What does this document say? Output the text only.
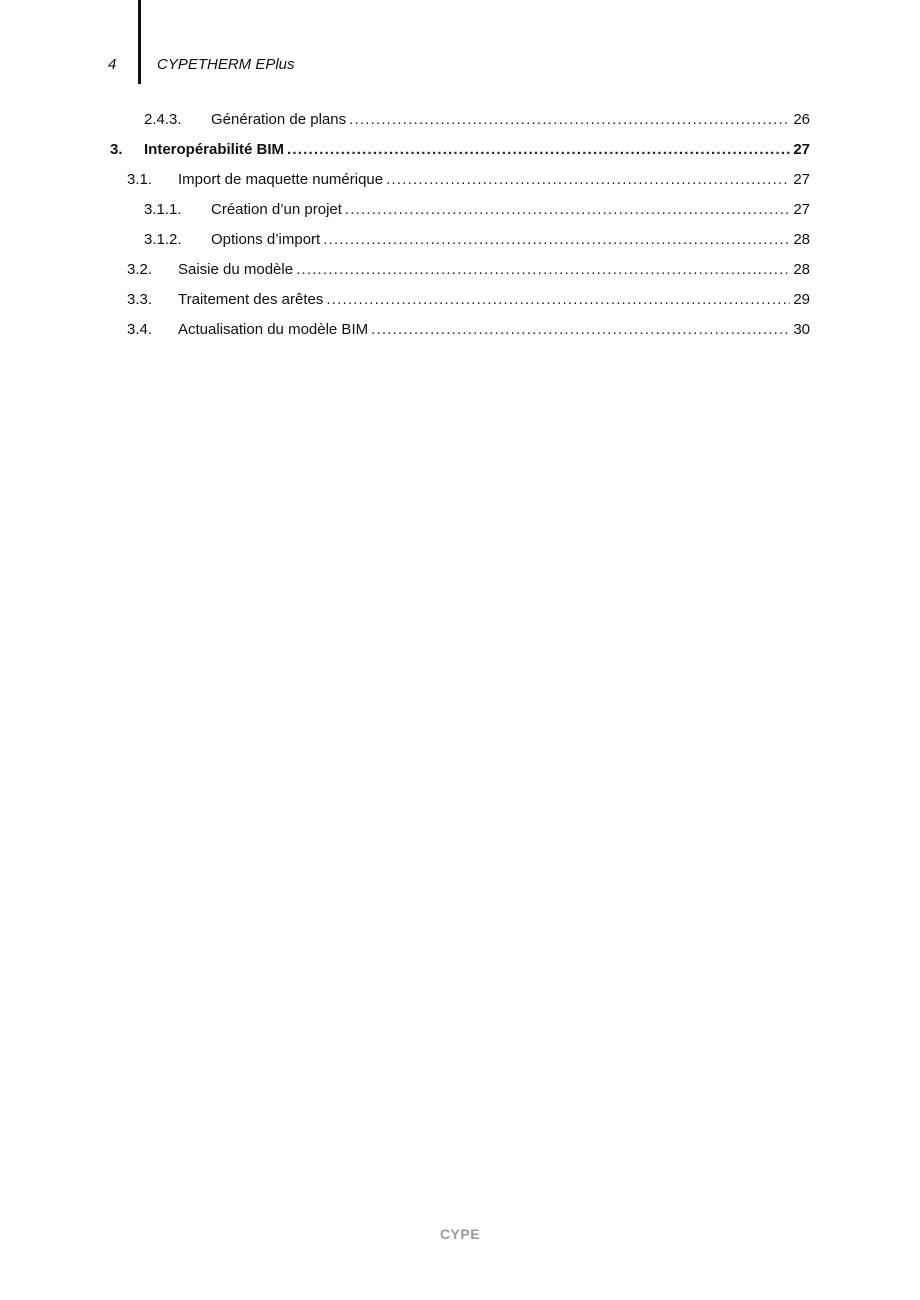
4	CYPETHERM EPlus
2.4.3.	Génération de plans .....	26
3.	Interopérabilité BIM .....	27
3.1.	Import de maquette numérique .....	27
3.1.1.	Création d’un projet .....	27
3.1.2.	Options d’import .....	28
3.2.	Saisie du modèle .....	28
3.3.	Traitement des arêtes .....	29
3.4.	Actualisation du modèle BIM .....	30
CYPE
